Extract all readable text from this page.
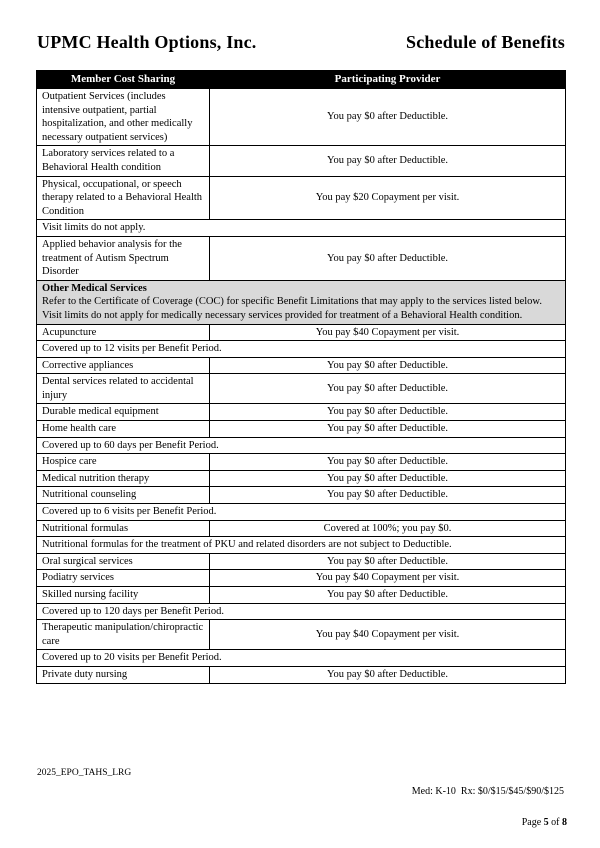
UPMC Health Options, Inc.	Schedule of Benefits
Member Cost Sharing	Participating Provider
Outpatient Services (includes intensive outpatient, partial hospitalization, and other medically necessary outpatient services)	You pay $0 after Deductible.
Laboratory services related to a Behavioral Health condition	You pay $0 after Deductible.
Physical, occupational, or speech therapy related to a Behavioral Health Condition	You pay $20 Copayment per visit.
Visit limits do not apply.	
Applied behavior analysis for the treatment of Autism Spectrum Disorder	You pay $0 after Deductible.

Other Medical Services
Refer to the Certificate of Coverage (COC) for specific Benefit Limitations that may apply to the services listed below. Visit limits do not apply for medically necessary services provided for treatment of a Behavioral Health condition.	

Acupuncture	You pay $40 Copayment per visit.
Covered up to 12 visits per Benefit Period.	
Corrective appliances	You pay $0 after Deductible.
Dental services related to accidental injury	You pay $0 after Deductible.
Durable medical equipment	You pay $0 after Deductible.
Home health care	You pay $0 after Deductible.
Covered up to 60 days per Benefit Period.	
Hospice care	You pay $0 after Deductible.
Medical nutrition therapy	You pay $0 after Deductible.
Nutritional counseling	You pay $0 after Deductible.
Covered up to 6 visits per Benefit Period.	
Nutritional formulas	Covered at 100%; you pay $0.
Nutritional formulas for the treatment of PKU and related disorders are not subject to Deductible.	
Oral surgical services	You pay $0 after Deductible.
Podiatry services	You pay $40 Copayment per visit.
Skilled nursing facility	You pay $0 after Deductible.
Covered up to 120 days per Benefit Period.	
Therapeutic manipulation/chiropractic care	You pay $40 Copayment per visit.
Covered up to 20 visits per Benefit Period.	
Private duty nursing	You pay $0 after Deductible.
2025_EPO_TAHS_LRG
Med: K-10  Rx: $0/$15/$45/$90/$125
Page 5 of 8
